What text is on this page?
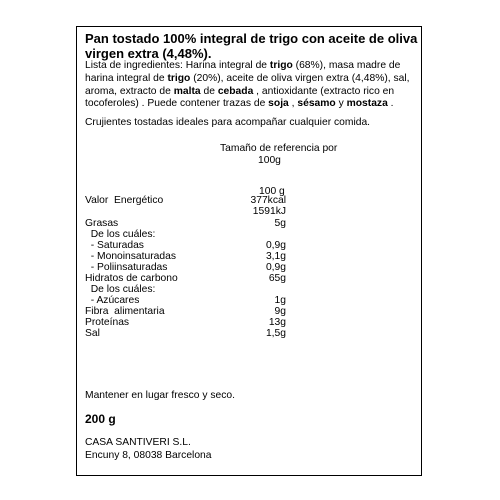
Pan tostado 100% integral de trigo con aceite de oliva virgen extra (4,48%).
Lista de ingredientes: Harina integral de trigo (68%), masa madre de harina integral de trigo (20%), aceite de oliva virgen extra (4,48%), sal, aroma, extracto de malta de cebada , antioxidante (extracto rico en tocoferoles) . Puede contener trazas de soja , sésamo y mostaza .
Crujientes tostadas ideales para acompañar cualquier comida.
Tamaño de referencia por
100g
100 g
Valor  Energético	377kcal
1591kJ
Grasas	5g
De los cuáles:
- Saturadas	0,9g
- Monoinsaturadas	3,1g
- Poliinsaturadas	0,9g
Hidratos de carbono	65g
De los cuáles:
- Azúcares	1g
Fibra  alimentaria	9g
Proteínas	13g
Sal	1,5g
Mantener en lugar fresco y seco.
200 g
CASA SANTIVERI S.L.
Encuny 8, 08038 Barcelona
